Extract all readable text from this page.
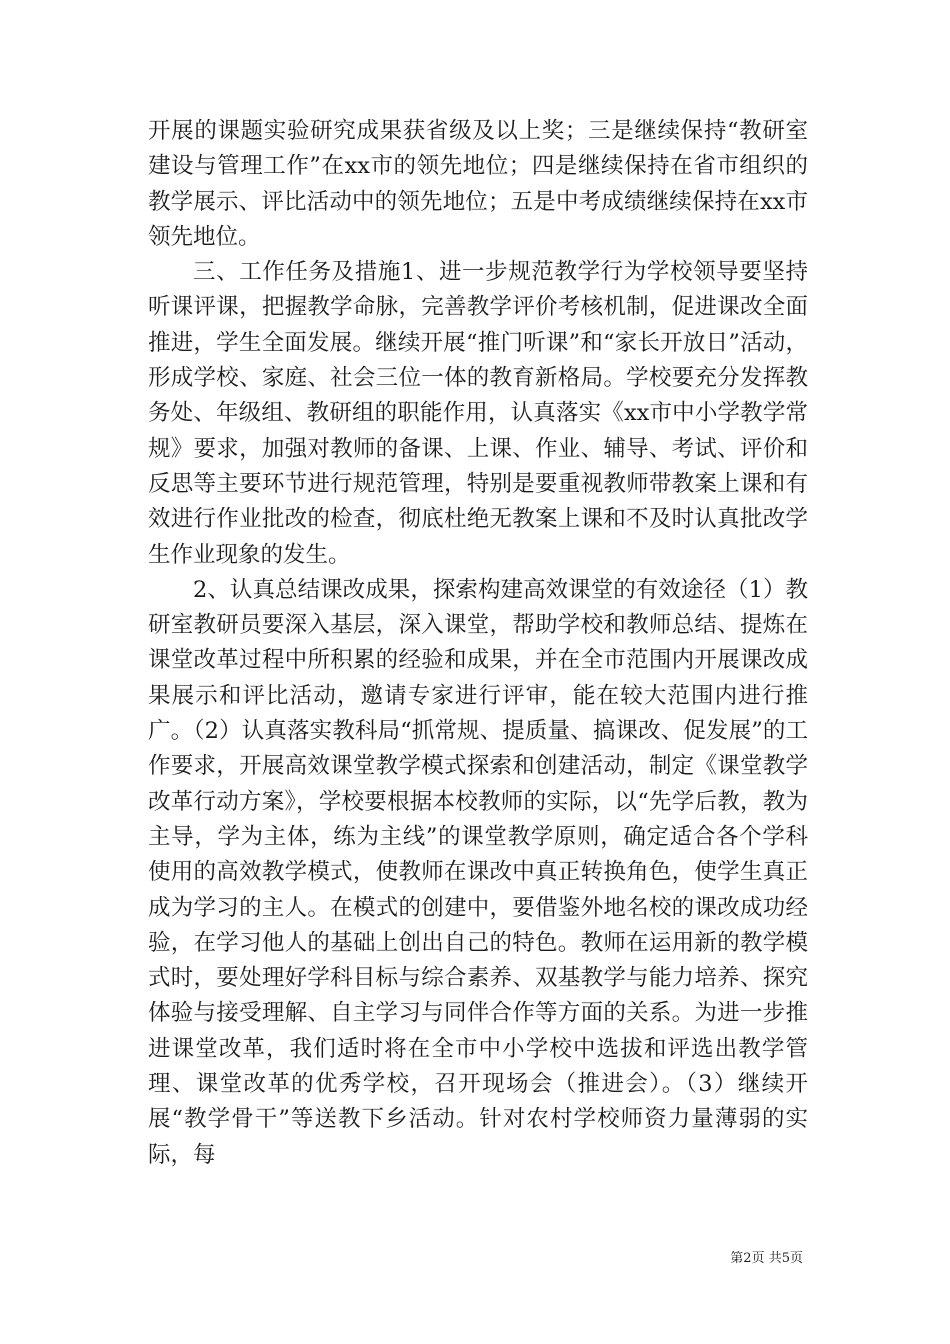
开展的课题实验研究成果获省级及以上奖；三是继续保持“教研室建设与管理工作”在xx市的领先地位；四是继续保持在省市组织的教学展示、评比活动中的领先地位；五是中考成绩继续保持在xx市领先地位。

三、工作任务及措施1、进一步规范教学行为学校领导要坚持听课评课，把握教学命脉，完善教学评价考核机制，促进课改全面推进，学生全面发展。继续开展“推门听课”和“家长开放日”活动，形成学校、家庭、社会三位一体的教育新格局。学校要充分发挥教务处、年级组、教研组的职能作用，认真落实《xx市中小学教学常规》要求，加强对教师的备课、上课、作业、辅导、考试、评价和反思等主要环节进行规范管理，特别是要重视教师带教案上课和有效进行作业批改的检查，彻底杜绝无教案上课和不及时认真批改学生作业现象的发生。

2、认真总结课改成果，探索构建高效课堂的有效途径（1）教研室教研员要深入基层，深入课堂，帮助学校和教师总结、提炼在课堂改革过程中所积累的经验和成果，并在全市范围内开展课改成果展示和评比活动，邀请专家进行评审，能在较大范围内进行推广。（2）认真落实教科局“抓常规、提质量、搞课改、促发展”的工作要求，开展高效课堂教学模式探索和创建活动，制定《课堂教学改革行动方案》，学校要根据本校教师的实际，以“先学后教，教为主导，学为主体，练为主线”的课堂教学原则，确定适合各个学科使用的高效教学模式，使教师在课改中真正转换角色，使学生真正成为学习的主人。在模式的创建中，要借鉴外地名校的课改成功经验，在学习他人的基础上创出自己的特色。教师在运用新的教学模式时，要处理好学科目标与综合素养、双基教学与能力培养、探究体验与接受理解、自主学习与同伴合作等方面的关系。为进一步推进课堂改革，我们适时将在全市中小学校中选拔和评选出教学管理、课堂改革的优秀学校，召开现场会（推进会）。（3）继续开展“教学骨干”等送教下乡活动。针对农村学校师资力量薄弱的实际，每

第2页 共5页
